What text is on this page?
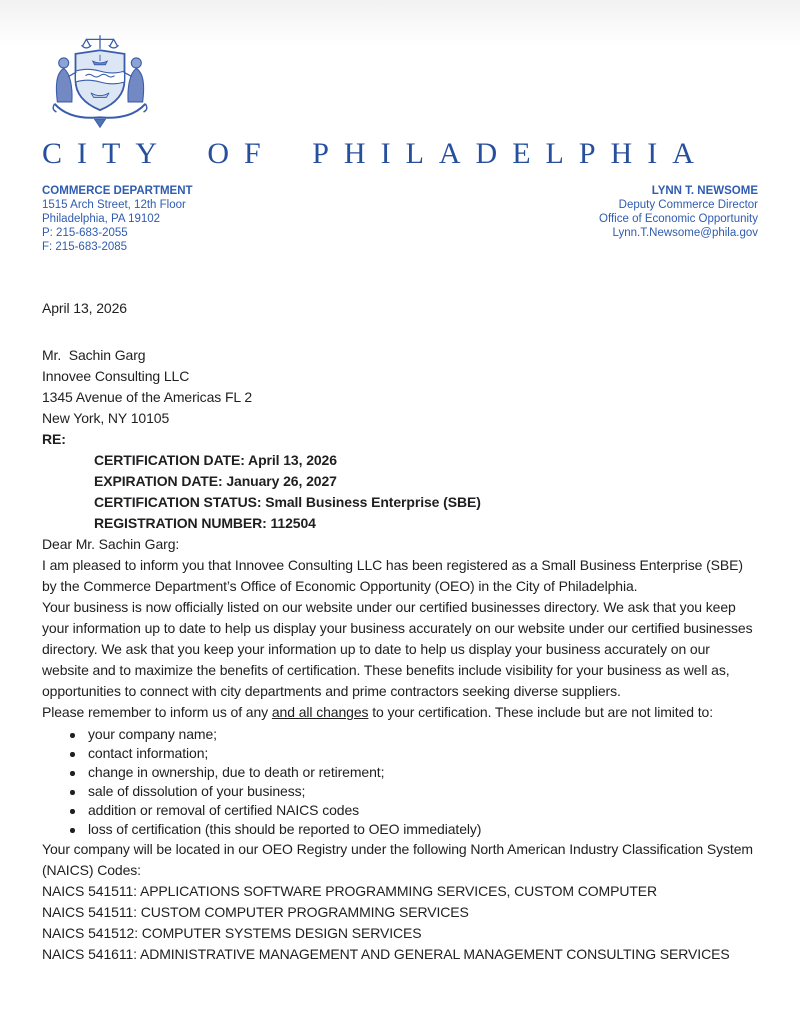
CITY OF PHILADELPHIA
COMMERCE DEPARTMENT
1515 Arch Street, 12th Floor
Philadelphia, PA 19102
P: 215-683-2055
F: 215-683-2085
LYNN T. NEWSOME
Deputy Commerce Director
Office of Economic Opportunity
Lynn.T.Newsome@phila.gov
April 13, 2026
Mr.  Sachin Garg
Innovee Consulting LLC
1345 Avenue of the Americas FL 2
New York, NY 10105
RE:
CERTIFICATION DATE: April 13, 2026
EXPIRATION DATE: January 26, 2027
CERTIFICATION STATUS: Small Business Enterprise (SBE)
REGISTRATION NUMBER: 112504

Dear Mr. Sachin Garg:

I am pleased to inform you that Innovee Consulting LLC has been registered as a Small Business Enterprise (SBE) by the Commerce Department’s Office of Economic Opportunity (OEO) in the City of Philadelphia.

Your business is now officially listed on our website under our certified businesses directory. We ask that you keep your information up to date to help us display your business accurately on our website under our certified businesses directory. We ask that you keep your information up to date to help us display your business accurately on our website and to maximize the benefits of certification. These benefits include visibility for your business as well as, opportunities to connect with city departments and prime contractors seeking diverse suppliers.

Please remember to inform us of any and all changes to your certification. These include but are not limited to:

your company name;
contact information;
change in ownership, due to death or retirement;
sale of dissolution of your business;
addition or removal of certified NAICS codes
loss of certification (this should be reported to OEO immediately)

Your company will be located in our OEO Registry under the following North American Industry Classification System (NAICS) Codes:

NAICS 541511: APPLICATIONS SOFTWARE PROGRAMMING SERVICES, CUSTOM COMPUTER
NAICS 541511: CUSTOM COMPUTER PROGRAMMING SERVICES
NAICS 541512: COMPUTER SYSTEMS DESIGN SERVICES
NAICS 541611: ADMINISTRATIVE MANAGEMENT AND GENERAL MANAGEMENT CONSULTING SERVICES
